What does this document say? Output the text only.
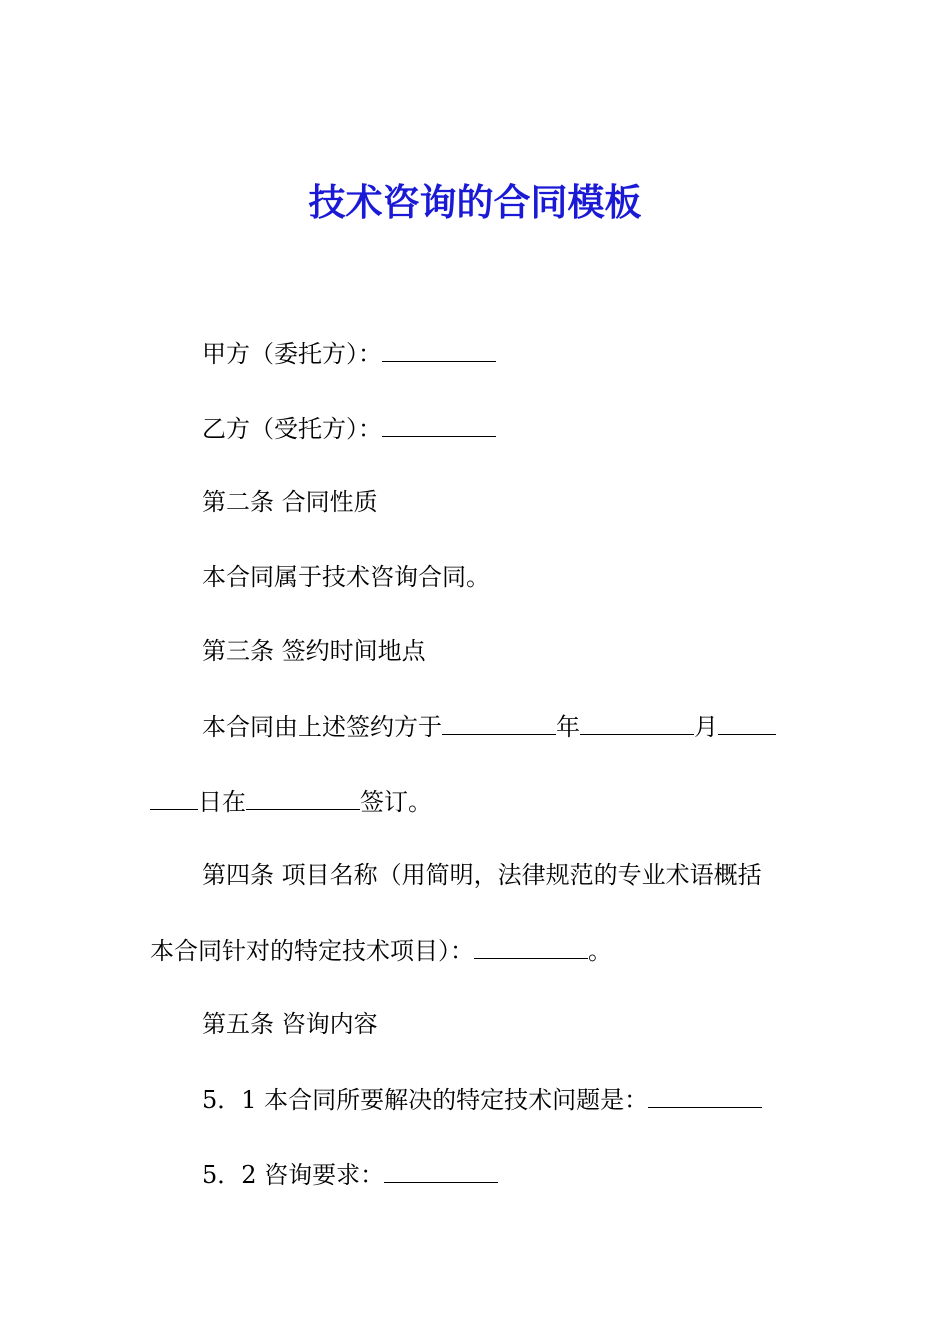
技术咨询的合同模板
甲方（委托方）：
乙方（受托方）：
第二条 合同性质
本合同属于技术咨询合同。
第三条 签约时间地点
本合同由上述签约方于	年	月
日在	签订。
第四条 项目名称（用简明，法律规范的专业术语概括
本合同针对的特定技术项目）：	。
第五条 咨询内容
5．1 本合同所要解决的特定技术问题是：
5．2 咨询要求：
